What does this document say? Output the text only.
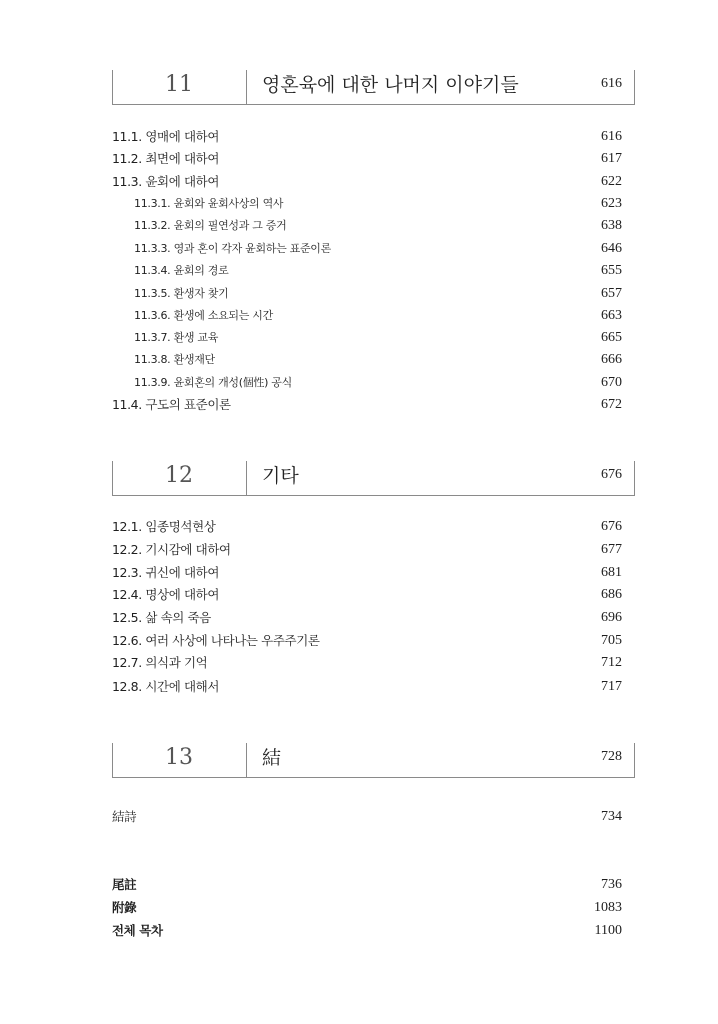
11	영혼육에 대한 나머지 이야기들	616
11.1. 영매에 대하여	616
11.2. 최면에 대하여	617
11.3. 윤회에 대하여	622
11.3.1. 윤회와 윤회사상의 역사	623
11.3.2. 윤회의 필연성과 그 증거	638
11.3.3. 영과 혼이 각자 윤회하는 표준이론	646
11.3.4. 윤회의 경로	655
11.3.5. 환생자 찾기	657
11.3.6. 환생에 소요되는 시간	663
11.3.7. 환생 교육	665
11.3.8. 환생재단	666
11.3.9. 윤회혼의 개성(個性) 공식	670
11.4. 구도의 표준이론	672
12	기타	676
12.1. 임종명석현상	676
12.2. 기시감에 대하여	677
12.3. 귀신에 대하여	681
12.4. 명상에 대하여	686
12.5. 삶 속의 죽음	696
12.6. 여러 사상에 나타나는 우주주기론	705
12.7. 의식과 기억	712
12.8. 시간에 대해서	717
13	結	728
結詩	734
尾註	736
附錄	1083
전체 목차	1100
